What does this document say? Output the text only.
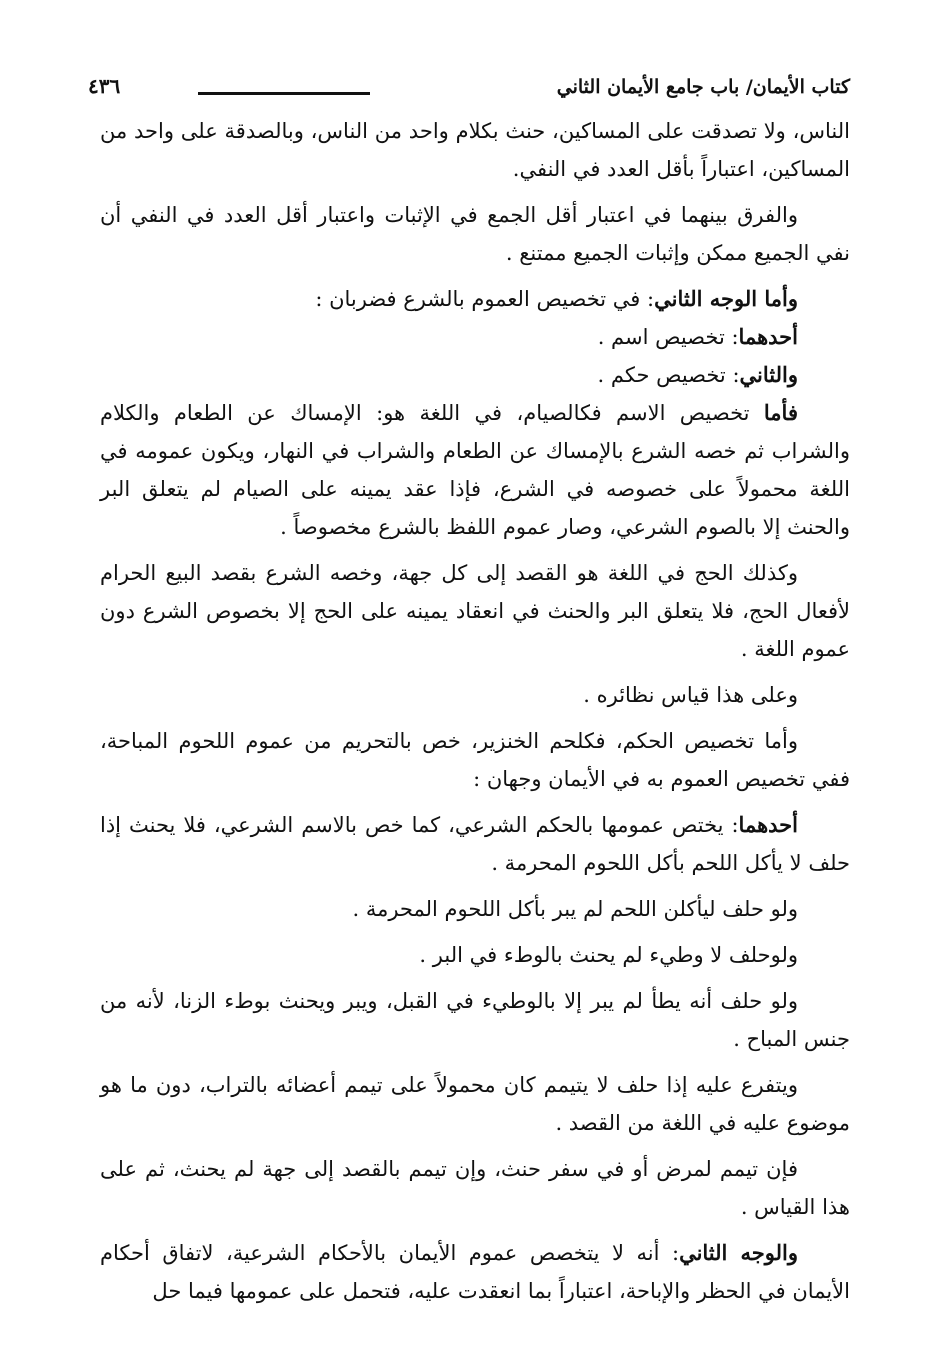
كتاب الأيمان/ باب جامع الأيمان الثاني
٤٣٦

الناس، ولا تصدقت على المساكين، حنث بكلام واحد من الناس، وبالصدقة على واحد من المساكين، اعتباراً بأقل العدد في النفي.

والفرق بينهما في اعتبار أقل الجمع في الإثبات واعتبار أقل العدد في النفي أن نفي الجميع ممكن وإثبات الجميع ممتنع .

وأما الوجه الثاني: في تخصيص العموم بالشرع فضربان :

أحدهما: تخصيص اسم .

والثاني: تخصيص حكم .

فأما تخصيص الاسم فكالصيام، في اللغة هو: الإمساك عن الطعام والكلام والشراب ثم خصه الشرع بالإمساك عن الطعام والشراب في النهار، ويكون عمومه في اللغة محمولاً على خصوصه في الشرع، فإذا عقد يمينه على الصيام لم يتعلق البر والحنث إلا بالصوم الشرعي، وصار عموم اللفظ بالشرع مخصوصاً .

وكذلك الحج في اللغة هو القصد إلى كل جهة، وخصه الشرع بقصد البيع الحرام لأفعال الحج، فلا يتعلق البر والحنث في انعقاد يمينه على الحج إلا بخصوص الشرع دون عموم اللغة .

وعلى هذا قياس نظائره .

وأما تخصيص الحكم، فكلحم الخنزير، خص بالتحريم من عموم اللحوم المباحة، ففي تخصيص العموم به في الأيمان وجهان :

أحدهما: يختص عمومها بالحكم الشرعي، كما خص بالاسم الشرعي، فلا يحنث إذا حلف لا يأكل اللحم بأكل اللحوم المحرمة .

ولو حلف ليأكلن اللحم لم يبر بأكل اللحوم المحرمة .

ولوحلف لا وطيء لم يحنث بالوطء في البر .

ولو حلف أنه يطأ لم يبر إلا بالوطيء في القبل، ويبر ويحنث بوطء الزنا، لأنه من جنس المباح .

ويتفرع عليه إذا حلف لا يتيمم كان محمولاً على تيمم أعضائه بالتراب، دون ما هو موضوع عليه في اللغة من القصد .

فإن تيمم لمرض أو في سفر حنث، وإن تيمم بالقصد إلى جهة لم يحنث، ثم على هذا القياس .

والوجه الثاني: أنه لا يتخصص عموم الأيمان بالأحكام الشرعية، لاتفاق أحكام الأيمان في الحظر والإباحة، اعتباراً بما انعقدت عليه، فتحمل على عمومها فيما حل
